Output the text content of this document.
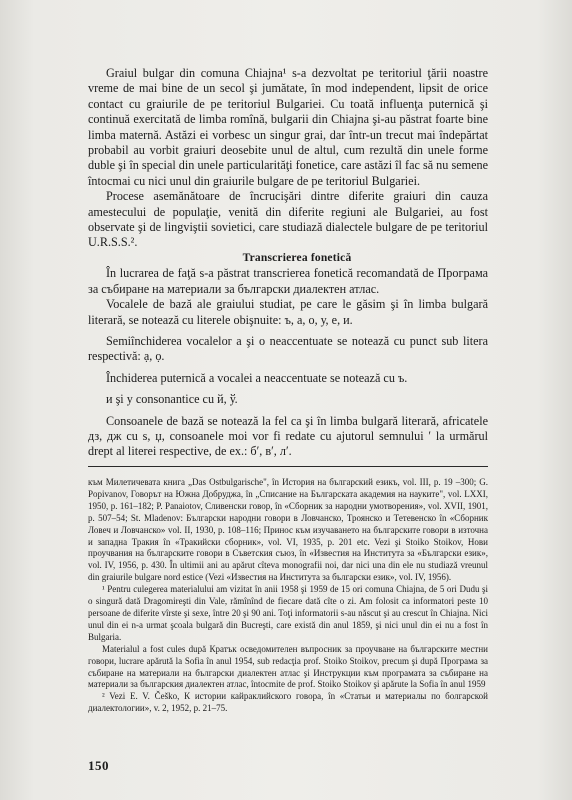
Graiul bulgar din comuna Chiajna¹ s-a dezvoltat pe teritoriul ţării noastre vreme de mai bine de un secol şi jumătate, în mod independent, lipsit de orice contact cu graiurile de pe teritoriul Bulgariei. Cu toată influenţa puternică şi continuă exercitată de limba romînă, bulgarii din Chiajna şi-au păstrat foarte bine limba maternă. Astăzi ei vorbesc un singur grai, dar într-un trecut mai îndepărtat probabil au vorbit graiuri deosebite unul de altul, cum rezultă din unele forme duble şi în special din unele particularităţi fonetice, care astăzi îl fac să nu semene întocmai cu nici unul din graiurile bulgare de pe teritoriul Bulgariei.

Procese asemănătoare de încrucişări dintre diferite graiuri din cauza amestecului de populaţie, venită din diferite regiuni ale Bulgariei, au fost observate şi de lingviştii sovietici, care studiază dialectele bulgare de pe teritoriul U.R.S.S.².

Transcrierea fonetică

În lucrarea de faţă s-a păstrat transcrierea fonetică recomandată de Програма за събиране на материали за български диалектен атлас.

Vocalele de bază ale graiului studiat, pe care le găsim şi în limba bulgară literară, se notează cu literele obişnuite: ъ, а, о, у, е, и.

Semiînchiderea vocalelor а şi о neaccentuate se notează cu punct sub litera respectivă: ạ, ọ.

Închiderea puternică a vocalei а neaccentuate se notează cu ъ.

и şi у consonantice cu й, ў.

Consoanele de bază se notează la fel ca şi în limba bulgară literară, africatele дз, дж cu ѕ, џ, consoanele moi vor fi redate cu ajutorul semnului ʹ la urmărul drept al literei respective, de ex.: бʹ, вʹ, лʹ.

към Милетичевата книга „Das Ostbulgarische", în История на българский езикъ, vol. III, p. 19 –300; G. Popivanov, Говорът на Южна Добруджа, în „Списание на Българската академия на науките", vol. LXXI, 1950, p. 161–182; P. Panaiotov, Сливенски говор, în «Сборник за народни умотворения», vol. XVII, 1901, p. 507–54; St. Mladenov: Български народни говори в Ловчанско, Троянско и Тетевенско în «Сборник Ловеч и Ловчанско» vol. II, 1930, p. 108–116; Принос към изучаването на българските говори в източна и западна Тракия în «Тракийски сборник», vol. VI, 1935, p. 201 etc. Vezi şi Stoiko Stoikov, Нови проучвания на българските говори в Съветския съюз, în «Известия на Института за «Български език», vol. IV, 1956, p. 430. În ultimii ani au apărut cîteva monografii noi, dar nici una din ele nu studiază vreunul din graiurile bulgare nord estice (Vezi «Известия на Института за български език», vol. IV, 1956).

¹ Pentru culegerea materialului am vizitat în anii 1958 şi 1959 de 15 ori comuna Chiajna, de 5 ori Dudu şi o singură dată Dragomireşti din Vale, rămînînd de fiecare dată cîte o zi. Am folosit ca informatori peste 10 persoane de diferite vîrste şi sexe, între 20 şi 90 ani. Toţi informatorii s-au născut şi au crescut în Chiajna. Nici unul din ei n-a urmat şcoala bulgară din Bucreşti, care există din anul 1859, şi nici unul din ei nu a fost în Bulgaria.

Materialul a fost cules după Кратък осведомителен въпросник за проучване на българските местни говори, lucrare apărută la Sofia în anul 1954, sub redacţia prof. Stoiko Stoikov, precum şi după Програма за събиране на материали на български диалектен атлас şi Инструкции към програмата за събиране на материали за българския диалектен атлас, întocmite de prof. Stoiko Stoikov şi apărute la Sofia în anul 1959

² Vezi E. V. Češko, К истории кайраклийского говора, în «Статьи и материалы по болгарской диалектологии», v. 2, 1952, p. 21–75.

150
